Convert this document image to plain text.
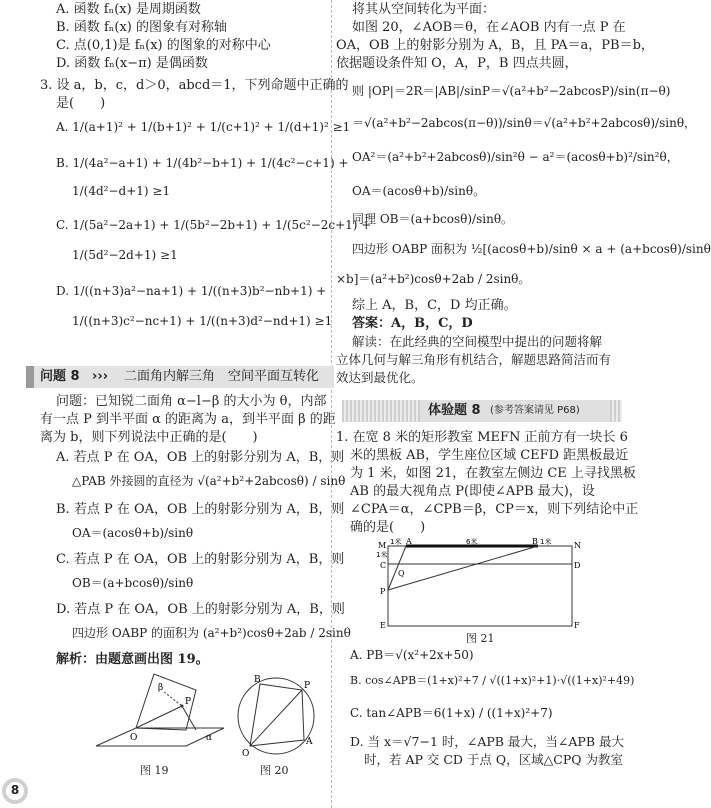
A. 函数 fₙ(x) 是周期函数
B. 函数 fₙ(x) 的图象有对称轴
C. 点(0,1)是 fₙ(x) 的图象的对称中心
D. 函数 fₙ(x−π) 是偶函数
3. 设 a，b，c，d＞0，abcd＝1，下列命题中正确的
是(　　)
A. 1/(a+1)² + 1/(b+1)² + 1/(c+1)² + 1/(d+1)² ≥1
B. 1/(4a²−a+1) + 1/(4b²−b+1) + 1/(4c²−c+1) +
1/(4d²−d+1) ≥1
C. 1/(5a²−2a+1) + 1/(5b²−2b+1) + 1/(5c²−2c+1) +
1/(5d²−2d+1) ≥1
D. 1/((n+3)a²−na+1) + 1/((n+3)b²−nb+1) +
1/((n+3)c²−nc+1) + 1/((n+3)d²−nd+1) ≥1
问题 8 ››› 二面角内解三角　空间平面互转化
问题：已知锐二面角 α−l−β 的大小为 θ，内部
有一点 P 到半平面 α 的距离为 a，到半平面 β 的距
离为 b，则下列说法中正确的是(　　)
A. 若点 P 在 OA，OB 上的射影分别为 A，B，则
△PAB 外接圆的直径为 √(a²+b²+2abcosθ) / sinθ
B. 若点 P 在 OA，OB 上的射影分别为 A，B，则
OA＝(acosθ+b)/sinθ
C. 若点 P 在 OA，OB 上的射影分别为 A，B，则
OB＝(a+bcosθ)/sinθ
D. 若点 P 在 OA，OB 上的射影分别为 A，B，则
四边形 OABP 的面积为 (a²+b²)cosθ+2ab / 2sinθ
解析：由题意画出图 19。
P
O	α
β
图 19
O
B
P
A
图 20
8
将其从空间转化为平面：
如图 20，∠AOB＝θ，在∠AOB 内有一点 P 在
OA，OB 上的射影分别为 A，B，且 PA＝a，PB＝b，
依据题设条件知 O，A，P，B 四点共圆，
则 |OP|＝2R＝|AB|/sinP＝√(a²+b²−2abcosP)/sin(π−θ)
＝√(a²+b²−2abcos(π−θ))/sinθ＝√(a²+b²+2abcosθ)/sinθ，
OA²＝(a²+b²+2abcosθ)/sin²θ − a²＝(acosθ+b)²/sin²θ，
OA＝(acosθ+b)/sinθ。
同理 OB＝(a+bcosθ)/sinθ。
四边形 OABP 面积为 ½[(acosθ+b)/sinθ × a + (a+bcosθ)/sinθ
×b]＝(a²+b²)cosθ+2ab / 2sinθ。
综上 A，B，C，D 均正确。
答案：A，B，C，D
解读：在此经典的空间模型中提出的问题将解
立体几何与解三角形有机结合，解题思路简洁而有
效达到最优化。
体验题 8 (参考答案请见 P68)
1. 在宽 8 米的矩形教室 MEFN 正前方有一块长 6
米的黑板 AB，学生座位区域 CEFD 距黑板最近
为 1 米，如图 21，在教室左侧边 CE 上寻找黑板
AB 的最大视角点 P(即使∠APB 最大)，设
∠CPA＝α，∠CPB＝β，CP＝x，则下列结论中正
确的是(　　)
M	N
A	B
C	D
E	F
P
Q
1米	6米	1米
1米
图 21
A. PB＝√(x²+2x+50)
B. cos∠APB＝(1+x)²+7 / √((1+x)²+1)·√((1+x)²+49)
C. tan∠APB＝6(1+x) / ((1+x)²+7)
D. 当 x＝√7−1 时，∠APB 最大，当∠APB 最大
时，若 AP 交 CD 于点 Q，区域△CPQ 为教室
